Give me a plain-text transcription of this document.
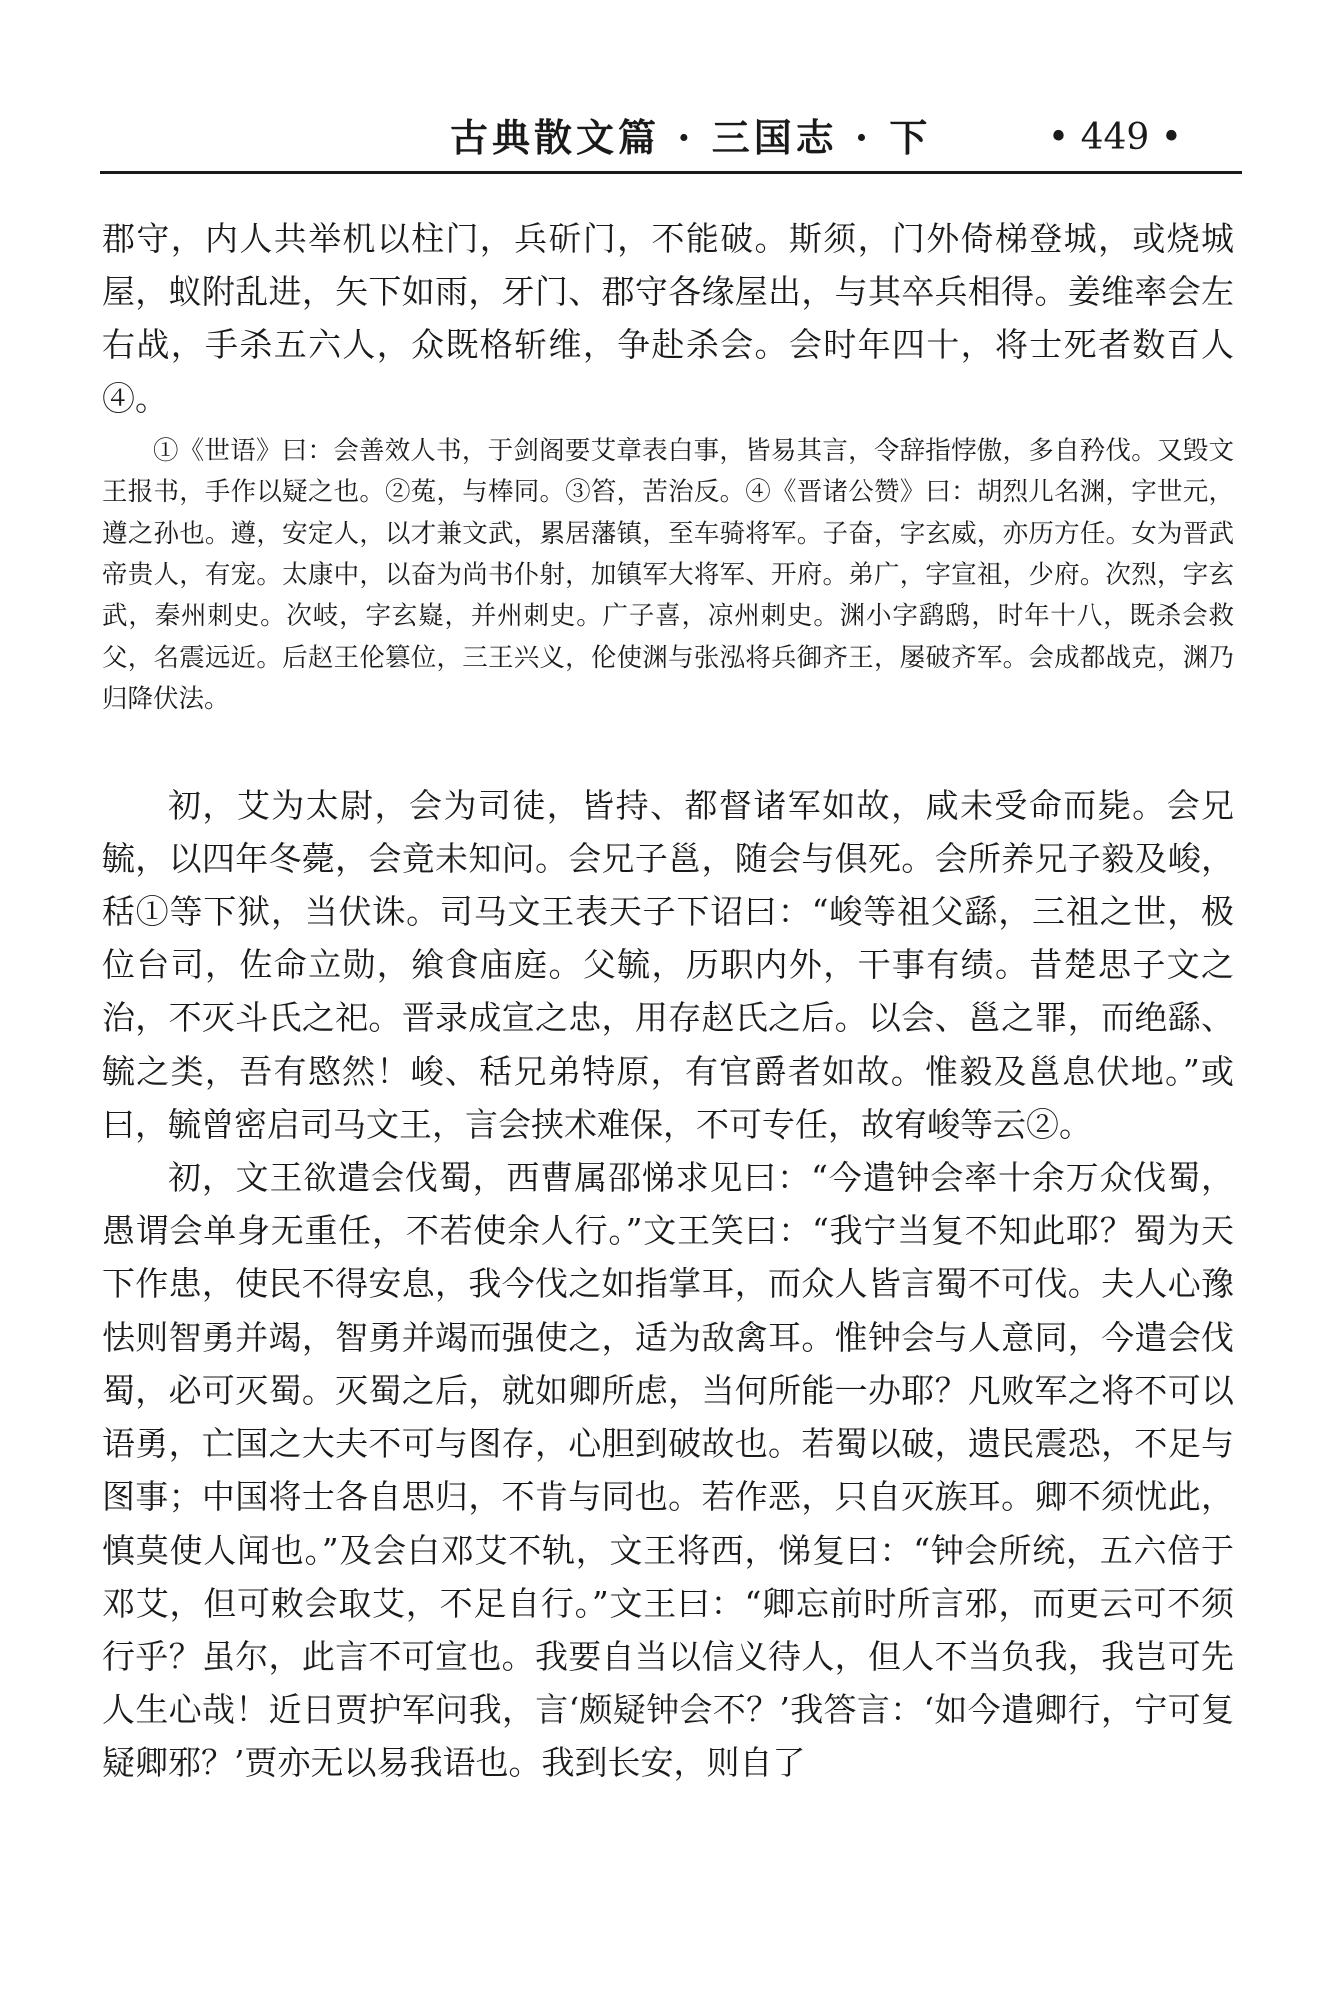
古典散文篇 · 三国志 · 下	• 449 •

郡守，内人共举机以柱门，兵斫门，不能破。斯须，门外倚梯登城，或烧城屋，蚁附乱进，矢下如雨，牙门、郡守各缘屋出，与其卒兵相得。姜维率会左右战，手杀五六人，众既格斩维，争赴杀会。会时年四十，将士死者数百人④。

①《世语》曰：会善效人书，于剑阁要艾章表白事，皆易其言，令辞指悖傲，多自矜伐。又毁文王报书，手作以疑之也。②菟，与棒同。③笞，苦治反。④《晋诸公赞》曰：胡烈儿名渊，字世元，遵之孙也。遵，安定人，以才兼文武，累居藩镇，至车骑将军。子奋，字玄威，亦历方任。女为晋武帝贵人，有宠。太康中，以奋为尚书仆射，加镇军大将军、开府。弟广，字宣祖，少府。次烈，字玄武，秦州刺史。次岐，字玄嶷，并州刺史。广子喜，凉州刺史。渊小字鹞鸱，时年十八，既杀会救父，名震远近。后赵王伦篡位，三王兴义，伦使渊与张泓将兵御齐王，屡破齐军。会成都战克，渊乃归降伏法。

初，艾为太尉，会为司徒，皆持、都督诸军如故，咸未受命而毙。会兄毓，以四年冬薨，会竟未知问。会兄子邕，随会与俱死。会所养兄子毅及峻，秳①等下狱，当伏诛。司马文王表天子下诏曰：“峻等祖父繇，三祖之世，极位台司，佐命立勋，飨食庙庭。父毓，历职内外，干事有绩。昔楚思子文之治，不灭斗氏之祀。晋录成宣之忠，用存赵氏之后。以会、邕之罪，而绝繇、毓之类，吾有愍然！峻、秳兄弟特原，有官爵者如故。惟毅及邕息伏地。”或曰，毓曾密启司马文王，言会挟术难保，不可专任，故宥峻等云②。

初，文王欲遣会伐蜀，西曹属邵悌求见曰：“今遣钟会率十余万众伐蜀，愚谓会单身无重任，不若使余人行。”文王笑曰：“我宁当复不知此耶？蜀为天下作患，使民不得安息，我今伐之如指掌耳，而众人皆言蜀不可伐。夫人心豫怯则智勇并竭，智勇并竭而强使之，适为敌禽耳。惟钟会与人意同，今遣会伐蜀，必可灭蜀。灭蜀之后，就如卿所虑，当何所能一办耶？凡败军之将不可以语勇，亡国之大夫不可与图存，心胆到破故也。若蜀以破，遗民震恐，不足与图事；中国将士各自思归，不肯与同也。若作恶，只自灭族耳。卿不须忧此，慎莫使人闻也。”及会白邓艾不轨，文王将西，悌复曰：“钟会所统，五六倍于邓艾，但可敕会取艾，不足自行。”文王曰：“卿忘前时所言邪，而更云可不须行乎？虽尔，此言不可宣也。我要自当以信义待人，但人不当负我，我岂可先人生心哉！近日贾护军问我，言‘颇疑钟会不？’我答言：‘如今遣卿行，宁可复疑卿邪？’贾亦无以易我语也。我到长安，则自了
